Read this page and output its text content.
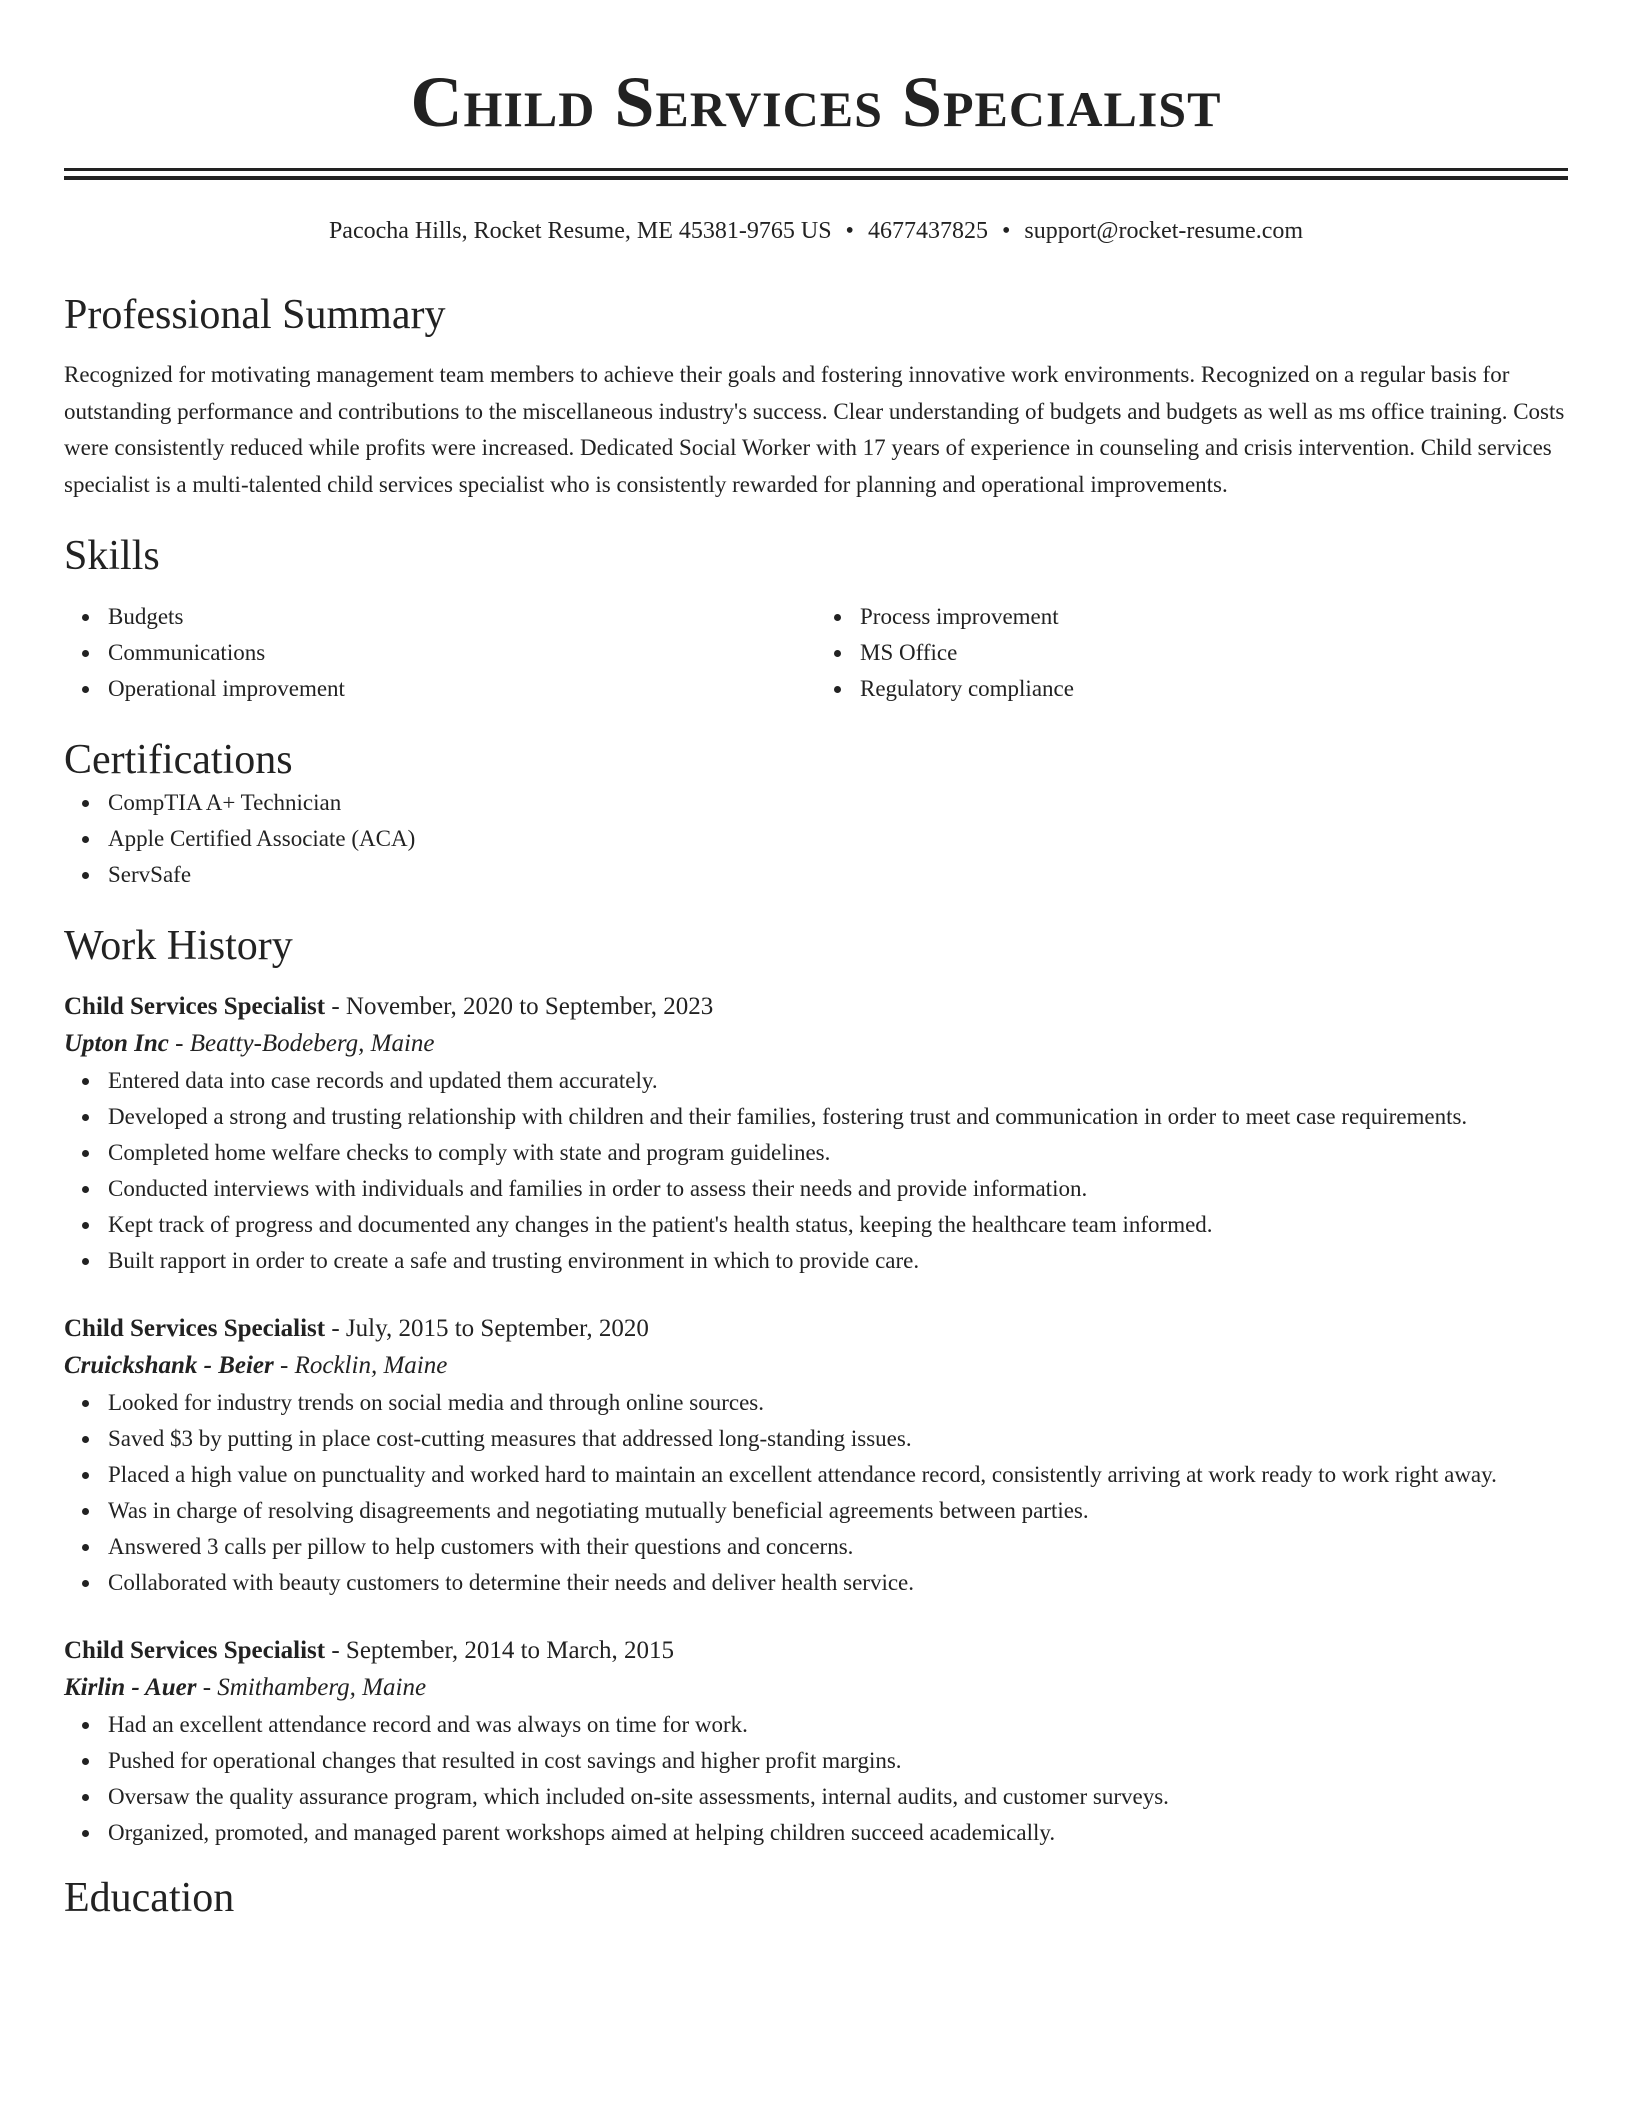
Child Services Specialist
Pacocha Hills, Rocket Resume, ME 45381-9765 US • 4677437825 • support@rocket-resume.com
Professional Summary

Recognized for motivating management team members to achieve their goals and fostering innovative work environments. Recognized on a regular basis for outstanding performance and contributions to the miscellaneous industry's success. Clear understanding of budgets and budgets as well as ms office training. Costs were consistently reduced while profits were increased. Dedicated Social Worker with 17 years of experience in counseling and crisis intervention. Child services specialist is a multi-talented child services specialist who is consistently rewarded for planning and operational improvements.

Skills
Budgets
Communications
Operational improvement
Process improvement
MS Office
Regulatory compliance
Certifications
CompTIA A+ Technician
Apple Certified Associate (ACA)
ServSafe
Work History
Child Services Specialist - November, 2020 to September, 2023
Upton Inc - Beatty-Bodeberg, Maine
Entered data into case records and updated them accurately.
Developed a strong and trusting relationship with children and their families, fostering trust and communication in order to meet case requirements.
Completed home welfare checks to comply with state and program guidelines.
Conducted interviews with individuals and families in order to assess their needs and provide information.
Kept track of progress and documented any changes in the patient's health status, keeping the healthcare team informed.
Built rapport in order to create a safe and trusting environment in which to provide care.
Child Services Specialist - July, 2015 to September, 2020
Cruickshank - Beier - Rocklin, Maine
Looked for industry trends on social media and through online sources.
Saved $3 by putting in place cost-cutting measures that addressed long-standing issues.
Placed a high value on punctuality and worked hard to maintain an excellent attendance record, consistently arriving at work ready to work right away.
Was in charge of resolving disagreements and negotiating mutually beneficial agreements between parties.
Answered 3 calls per pillow to help customers with their questions and concerns.
Collaborated with beauty customers to determine their needs and deliver health service.
Child Services Specialist - September, 2014 to March, 2015
Kirlin - Auer - Smithamberg, Maine
Had an excellent attendance record and was always on time for work.
Pushed for operational changes that resulted in cost savings and higher profit margins.
Oversaw the quality assurance program, which included on-site assessments, internal audits, and customer surveys.
Organized, promoted, and managed parent workshops aimed at helping children succeed academically.
Education
